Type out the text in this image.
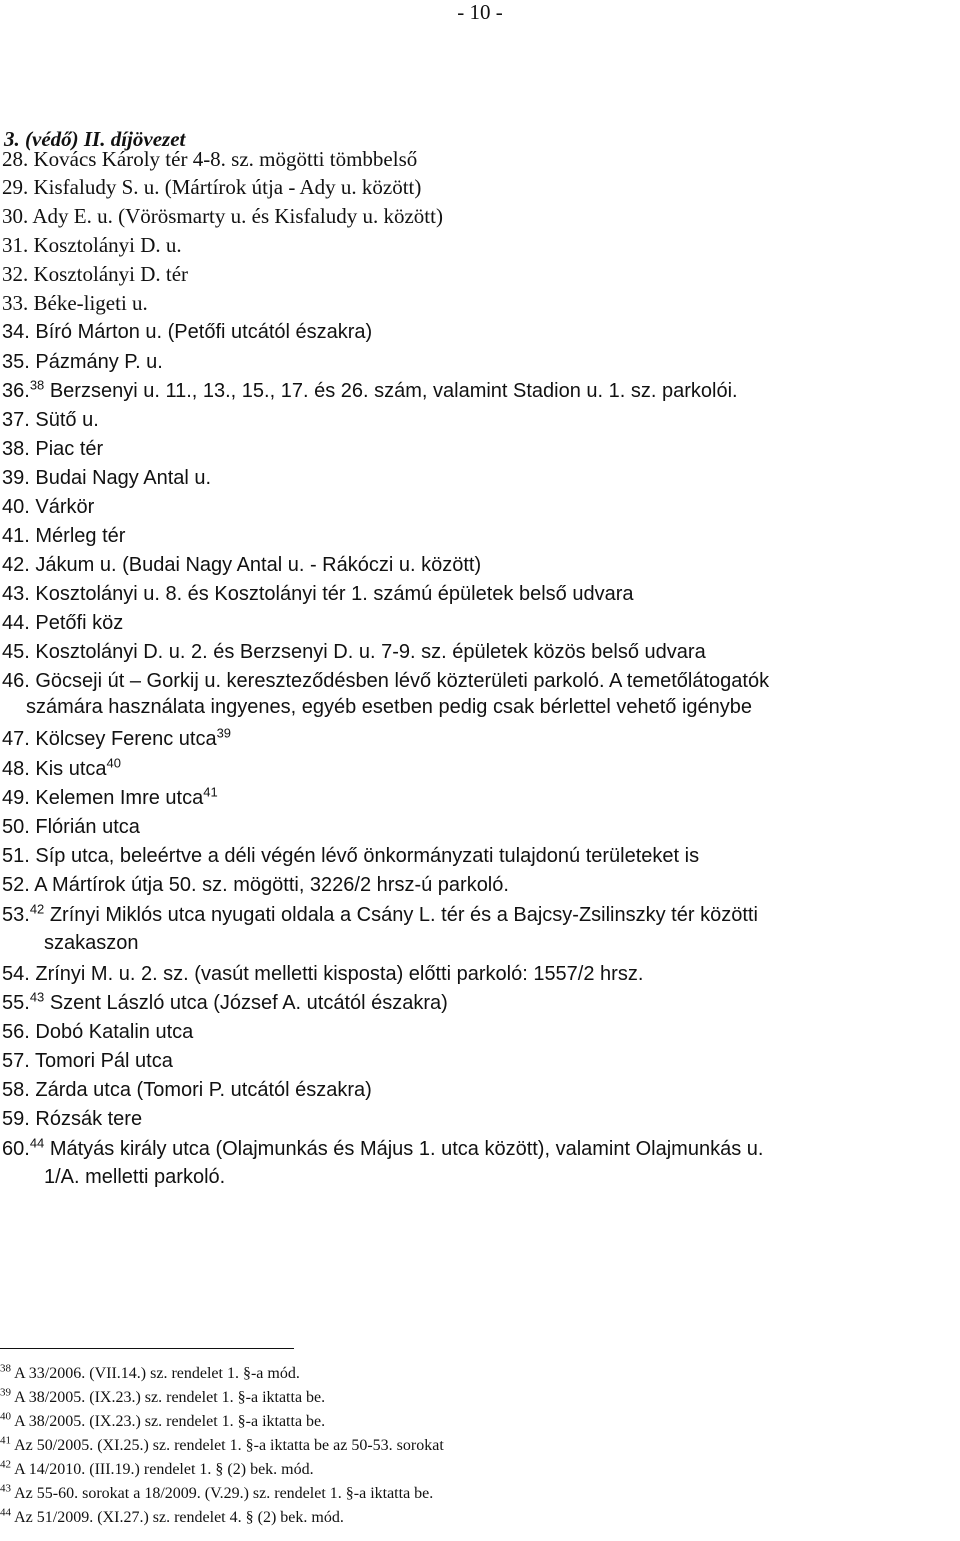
- 10 -
3. (védő) II. díjövezet
28. Kovács Károly tér 4-8. sz. mögötti tömbbelső
29. Kisfaludy S. u. (Mártírok útja - Ady u. között)
30. Ady E. u. (Vörösmarty u. és Kisfaludy u. között)
31. Kosztolányi D. u.
32. Kosztolányi D. tér
33. Béke-ligeti u.
34. Bíró Márton u. (Petőfi utcától északra)
35. Pázmány P. u.
36.38 Berzsenyi u. 11., 13., 15., 17. és 26. szám, valamint Stadion u. 1. sz. parkolói.
37. Sütő u.
38. Piac tér
39. Budai Nagy Antal u.
40. Várkör
41. Mérleg tér
42. Jákum u. (Budai Nagy Antal u. - Rákóczi u. között)
43. Kosztolányi u. 8. és Kosztolányi tér 1. számú épületek belső udvara
44. Petőfi köz
45. Kosztolányi D. u. 2. és Berzsenyi D. u. 7-9. sz. épületek közös belső udvara
46. Göcseji út – Gorkij u. kereszteződésben lévő közterületi parkoló. A temetőlátogatók
számára használata ingyenes, egyéb esetben pedig csak bérlettel vehető igénybe
47. Kölcsey Ferenc utca$^{39}$
48. Kis utca$^{40}$
49. Kelemen Imre utca$^{41}$
50. Flórián utca
51. Síp utca, beleértve a déli végén lévő önkormányzati tulajdonú területeket is
52. A Mártírok útja 50. sz. mögötti, 3226/2 hrsz-ú parkoló.
53.42 Zrínyi Miklós utca nyugati oldala a Csány L. tér és a Bajcsy-Zsilinszky tér közötti
szakaszon
54. Zrínyi M. u. 2. sz. (vasút melletti kisposta) előtti parkoló: 1557/2 hrsz.
55.43 Szent László utca (József A. utcától északra)
56. Dobó Katalin utca
57. Tomori Pál utca
58. Zárda utca (Tomori P. utcától északra)
59. Rózsák tere
60.44 Mátyás király utca (Olajmunkás és Május 1. utca között), valamint Olajmunkás u.
1/A. melletti parkoló.
$^{38}$ A 33/2006. (VII.14.) sz. rendelet 1. §-a mód.
$^{39}$ A 38/2005. (IX.23.) sz. rendelet 1. §-a iktatta be.
$^{40}$ A 38/2005. (IX.23.) sz. rendelet 1. §-a iktatta be.
$^{41}$ Az 50/2005. (XI.25.) sz. rendelet 1. §-a iktatta be az 50-53. sorokat
$^{42}$ A 14/2010. (III.19.) rendelet 1. § (2) bek. mód.
$^{43}$ Az 55-60. sorokat a 18/2009. (V.29.) sz. rendelet 1. §-a iktatta be.
$^{44}$ Az 51/2009. (XI.27.) sz. rendelet 4. § (2) bek. mód.
